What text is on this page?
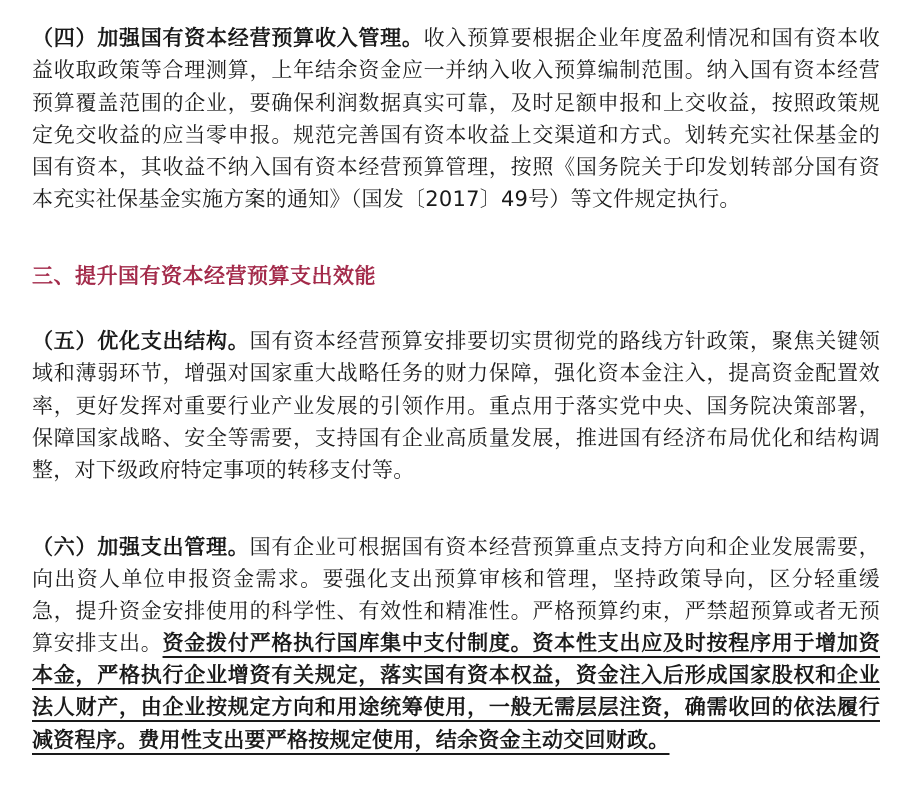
（四）加强国有资本经营预算收入管理。收入预算要根据企业年度盈利情况和国有资本收益收取政策等合理测算，上年结余资金应一并纳入收入预算编制范围。纳入国有资本经营预算覆盖范围的企业，要确保利润数据真实可靠，及时足额申报和上交收益，按照政策规定免交收益的应当零申报。规范完善国有资本收益上交渠道和方式。划转充实社保基金的国有资本，其收益不纳入国有资本经营预算管理，按照《国务院关于印发划转部分国有资本充实社保基金实施方案的通知》（国发〔2017〕49号）等文件规定执行。

三、提升国有资本经营预算支出效能

（五）优化支出结构。国有资本经营预算安排要切实贯彻党的路线方针政策，聚焦关键领域和薄弱环节，增强对国家重大战略任务的财力保障，强化资本金注入，提高资金配置效率，更好发挥对重要行业产业发展的引领作用。重点用于落实党中央、国务院决策部署，保障国家战略、安全等需要，支持国有企业高质量发展，推进国有经济布局优化和结构调整，对下级政府特定事项的转移支付等。

（六）加强支出管理。国有企业可根据国有资本经营预算重点支持方向和企业发展需要，向出资人单位申报资金需求。要强化支出预算审核和管理，坚持政策导向，区分轻重缓急，提升资金安排使用的科学性、有效性和精准性。严格预算约束，严禁超预算或者无预算安排支出。资金拨付严格执行国库集中支付制度。资本性支出应及时按程序用于增加资本金，严格执行企业增资有关规定，落实国有资本权益，资金注入后形成国家股权和企业法人财产，由企业按规定方向和用途统筹使用，一般无需层层注资，确需收回的依法履行减资程序。费用性支出要严格按规定使用，结余资金主动交回财政。
